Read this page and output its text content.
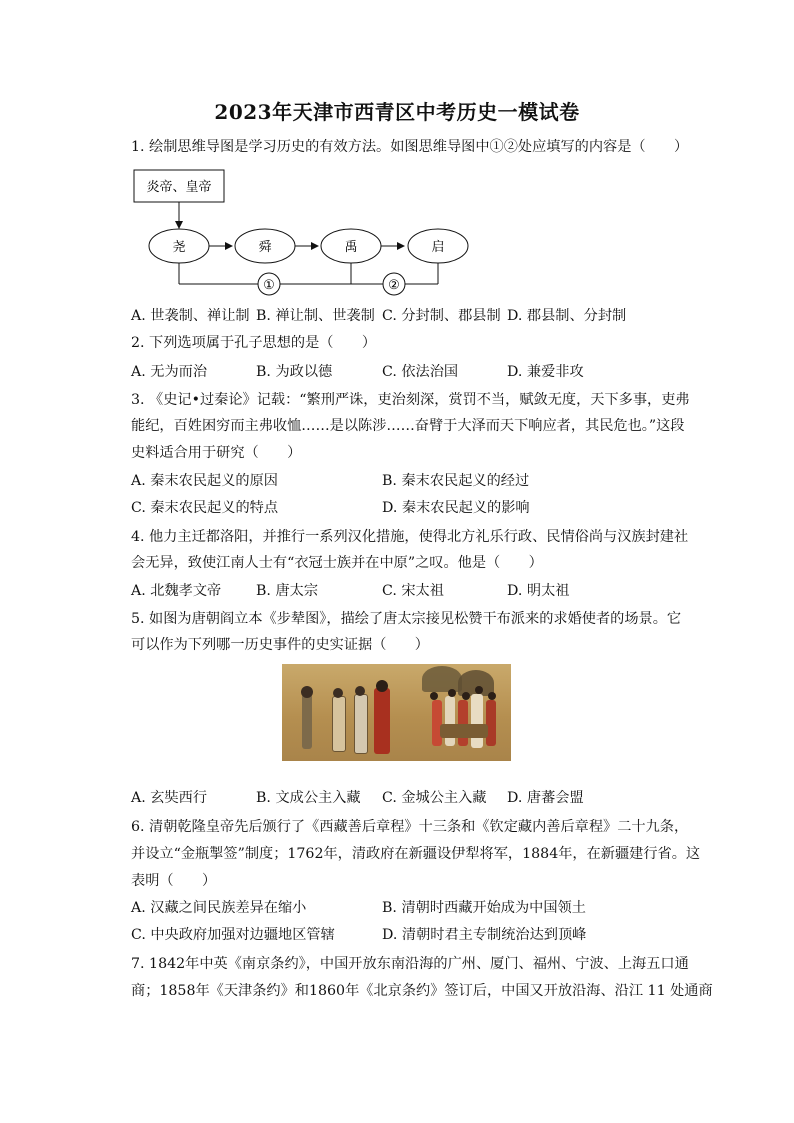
2023年天津市西青区中考历史一模试卷
1. 绘制思维导图是学习历史的有效方法。如图思维导图中①②处应填写的内容是（　　）
炎帝、皇帝
尧	舜	禹	启
①	②
A. 世袭制、禅让制 B. 禅让制、世袭制 C. 分封制、郡县制 D. 郡县制、分封制
2. 下列选项属于孔子思想的是（　　）
A. 无为而治	B. 为政以德	C. 依法治国	D. 兼爱非攻
3. 《史记•过秦论》记载：“繁刑严诛，吏治刻深，赏罚不当，赋敛无度，天下多事，吏弗
能纪，百姓困穷而主弗收恤……是以陈涉……奋臂于大泽而天下响应者，其民危也。”这段
史料适合用于研究（　　）
A. 秦末农民起义的原因	B. 秦末农民起义的经过
C. 秦末农民起义的特点	D. 秦末农民起义的影响
4. 他力主迁都洛阳，并推行一系列汉化措施，使得北方礼乐行政、民情俗尚与汉族封建社
会无异，致使江南人士有“衣冠士族并在中原”之叹。他是（　　）
A. 北魏孝文帝 B. 唐太宗	C. 宋太祖	D. 明太祖
5. 如图为唐朝阎立本《步辇图》，描绘了唐太宗接见松赞干布派来的求婚使者的场景。它
可以作为下列哪一历史事件的史实证据（　　）
A. 玄奘西行	B. 文成公主入藏 C. 金城公主入藏 D. 唐蕃会盟
6. 清朝乾隆皇帝先后颁行了《西藏善后章程》十三条和《钦定藏内善后章程》二十九条，
并设立“金瓶掣签”制度；1762年，清政府在新疆设伊犁将军，1884年，在新疆建行省。这
表明（　　）
A. 汉藏之间民族差异在缩小	B. 清朝时西藏开始成为中国领土
C. 中央政府加强对边疆地区管辖	D. 清朝时君主专制统治达到顶峰
7. 1842年中英《南京条约》，中国开放东南沿海的广州、厦门、福州、宁波、上海五口通
商；1858年《天津条约》和1860年《北京条约》签订后，中国又开放沿海、沿江 11 处通商
